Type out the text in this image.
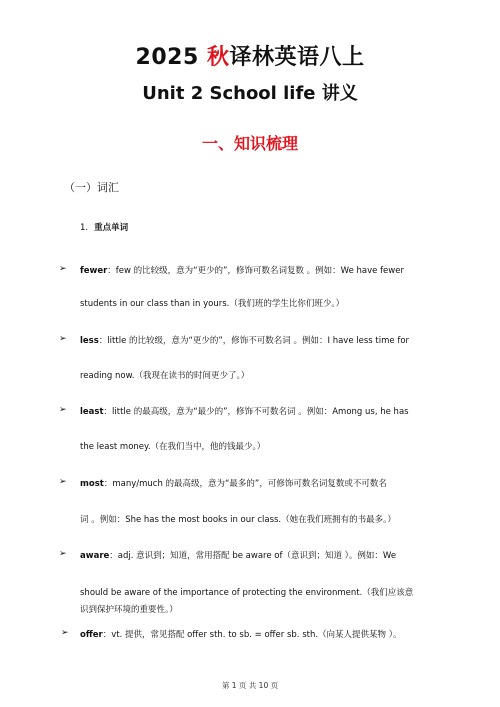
2025 秋译林英语八上
Unit 2 School life 讲义
一、知识梳理
（一）词汇
1. 重点单词
➢ fewer：few 的比较级，意为“更少的”，修饰可数名词复数 。例如：We have fewer
students in our class than in yours.（我们班的学生比你们班少。）
➢ less：little 的比较级，意为“更少的”，修饰不可数名词 。例如：I have less time for
reading now.（我现在读书的时间更少了。）
➢ least：little 的最高级，意为“最少的”，修饰不可数名词 。例如：Among us, he has
the least money.（在我们当中，他的钱最少。）
➢ most：many/much 的最高级，意为“最多的”，可修饰可数名词复数或不可数名
词 。例如：She has the most books in our class.（她在我们班拥有的书最多。）
➢ aware：adj. 意识到；知道，常用搭配 be aware of（意识到；知道 ）。例如：We
should be aware of the importance of protecting the environment.（我们应该意
识到保护环境的重要性。）
➢ offer：vt. 提供，常见搭配 offer sth. to sb. = offer sb. sth.（向某人提供某物 ）。
第 1 页 共 10 页
